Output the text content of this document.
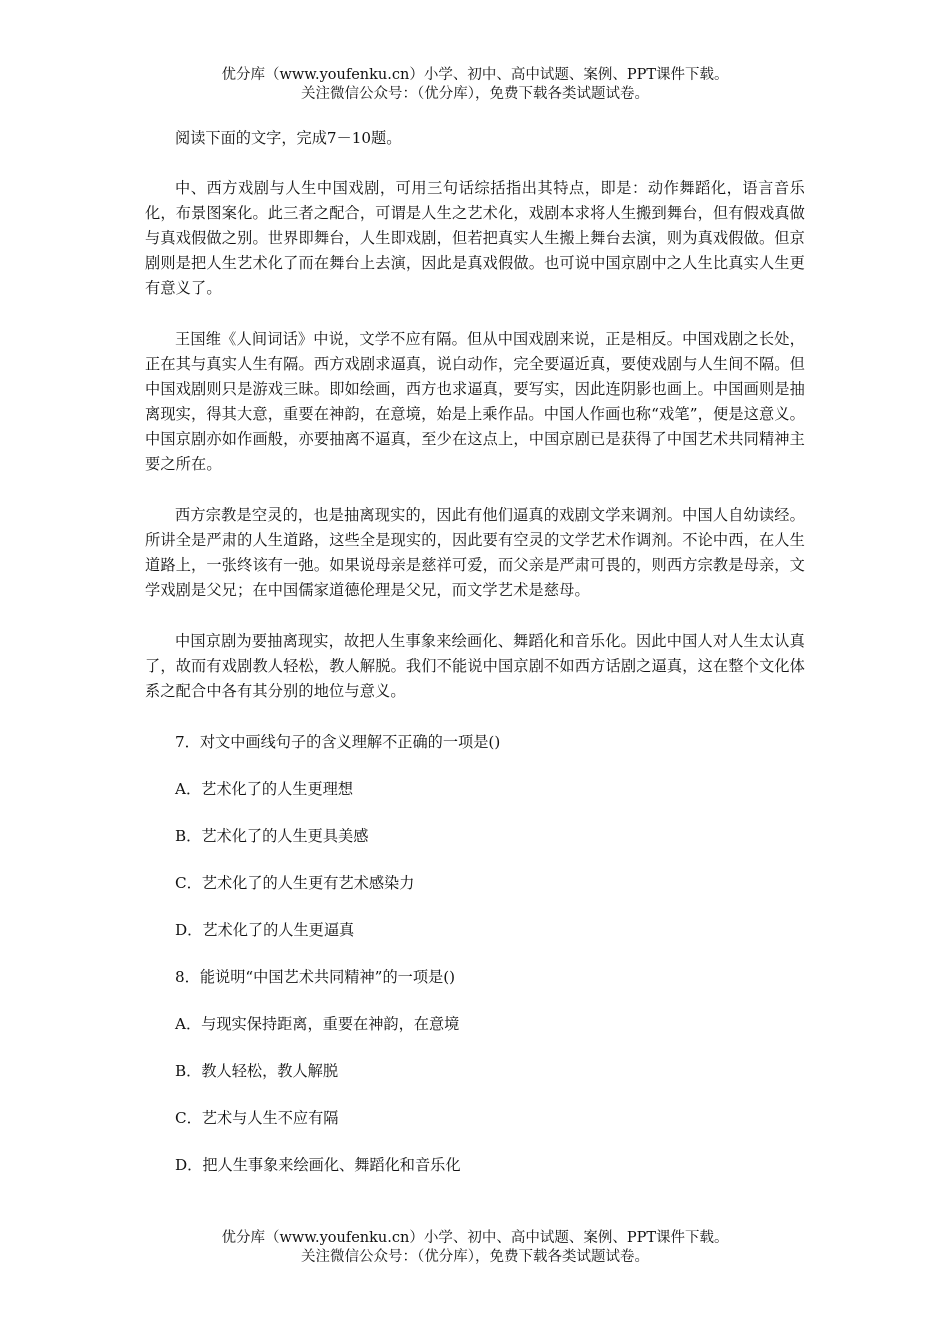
优分库（www.youfenku.cn）小学、初中、高中试题、案例、PPT课件下载。
关注微信公众号：（优分库），免费下载各类试题试卷。

阅读下面的文字，完成7－10题。

中、西方戏剧与人生中国戏剧，可用三句话综括指出其特点，即是：动作舞蹈化，语言音乐化，布景图案化。此三者之配合，可谓是人生之艺术化，戏剧本求将人生搬到舞台，但有假戏真做与真戏假做之别。世界即舞台，人生即戏剧，但若把真实人生搬上舞台去演，则为真戏假做。但京剧则是把人生艺术化了而在舞台上去演，因此是真戏假做。也可说中国京剧中之人生比真实人生更有意义了。

王国维《人间词话》中说，文学不应有隔。但从中国戏剧来说，正是相反。中国戏剧之长处，正在其与真实人生有隔。西方戏剧求逼真，说白动作，完全要逼近真，要使戏剧与人生间不隔。但中国戏剧则只是游戏三昧。即如绘画，西方也求逼真，要写实，因此连阴影也画上。中国画则是抽离现实，得其大意，重要在神韵，在意境，始是上乘作品。中国人作画也称“戏笔”，便是这意义。中国京剧亦如作画般，亦要抽离不逼真，至少在这点上，中国京剧已是获得了中国艺术共同精神主要之所在。

西方宗教是空灵的，也是抽离现实的，因此有他们逼真的戏剧文学来调剂。中国人自幼读经。所讲全是严肃的人生道路，这些全是现实的，因此要有空灵的文学艺术作调剂。不论中西，在人生道路上，一张终该有一弛。如果说母亲是慈祥可爱，而父亲是严肃可畏的，则西方宗教是母亲，文学戏剧是父兄；在中国儒家道德伦理是父兄，而文学艺术是慈母。

中国京剧为要抽离现实，故把人生事象来绘画化、舞蹈化和音乐化。因此中国人对人生太认真了，故而有戏剧教人轻松，教人解脱。我们不能说中国京剧不如西方话剧之逼真，这在整个文化体系之配合中各有其分别的地位与意义。

7．对文中画线句子的含义理解不正确的一项是()

A．艺术化了的人生更理想

B．艺术化了的人生更具美感

C．艺术化了的人生更有艺术感染力

D．艺术化了的人生更逼真

8．能说明“中国艺术共同精神”的一项是()

A．与现实保持距离，重要在神韵，在意境

B．教人轻松，教人解脱

C．艺术与人生不应有隔

D．把人生事象来绘画化、舞蹈化和音乐化

优分库（www.youfenku.cn）小学、初中、高中试题、案例、PPT课件下载。
关注微信公众号：（优分库），免费下载各类试题试卷。
